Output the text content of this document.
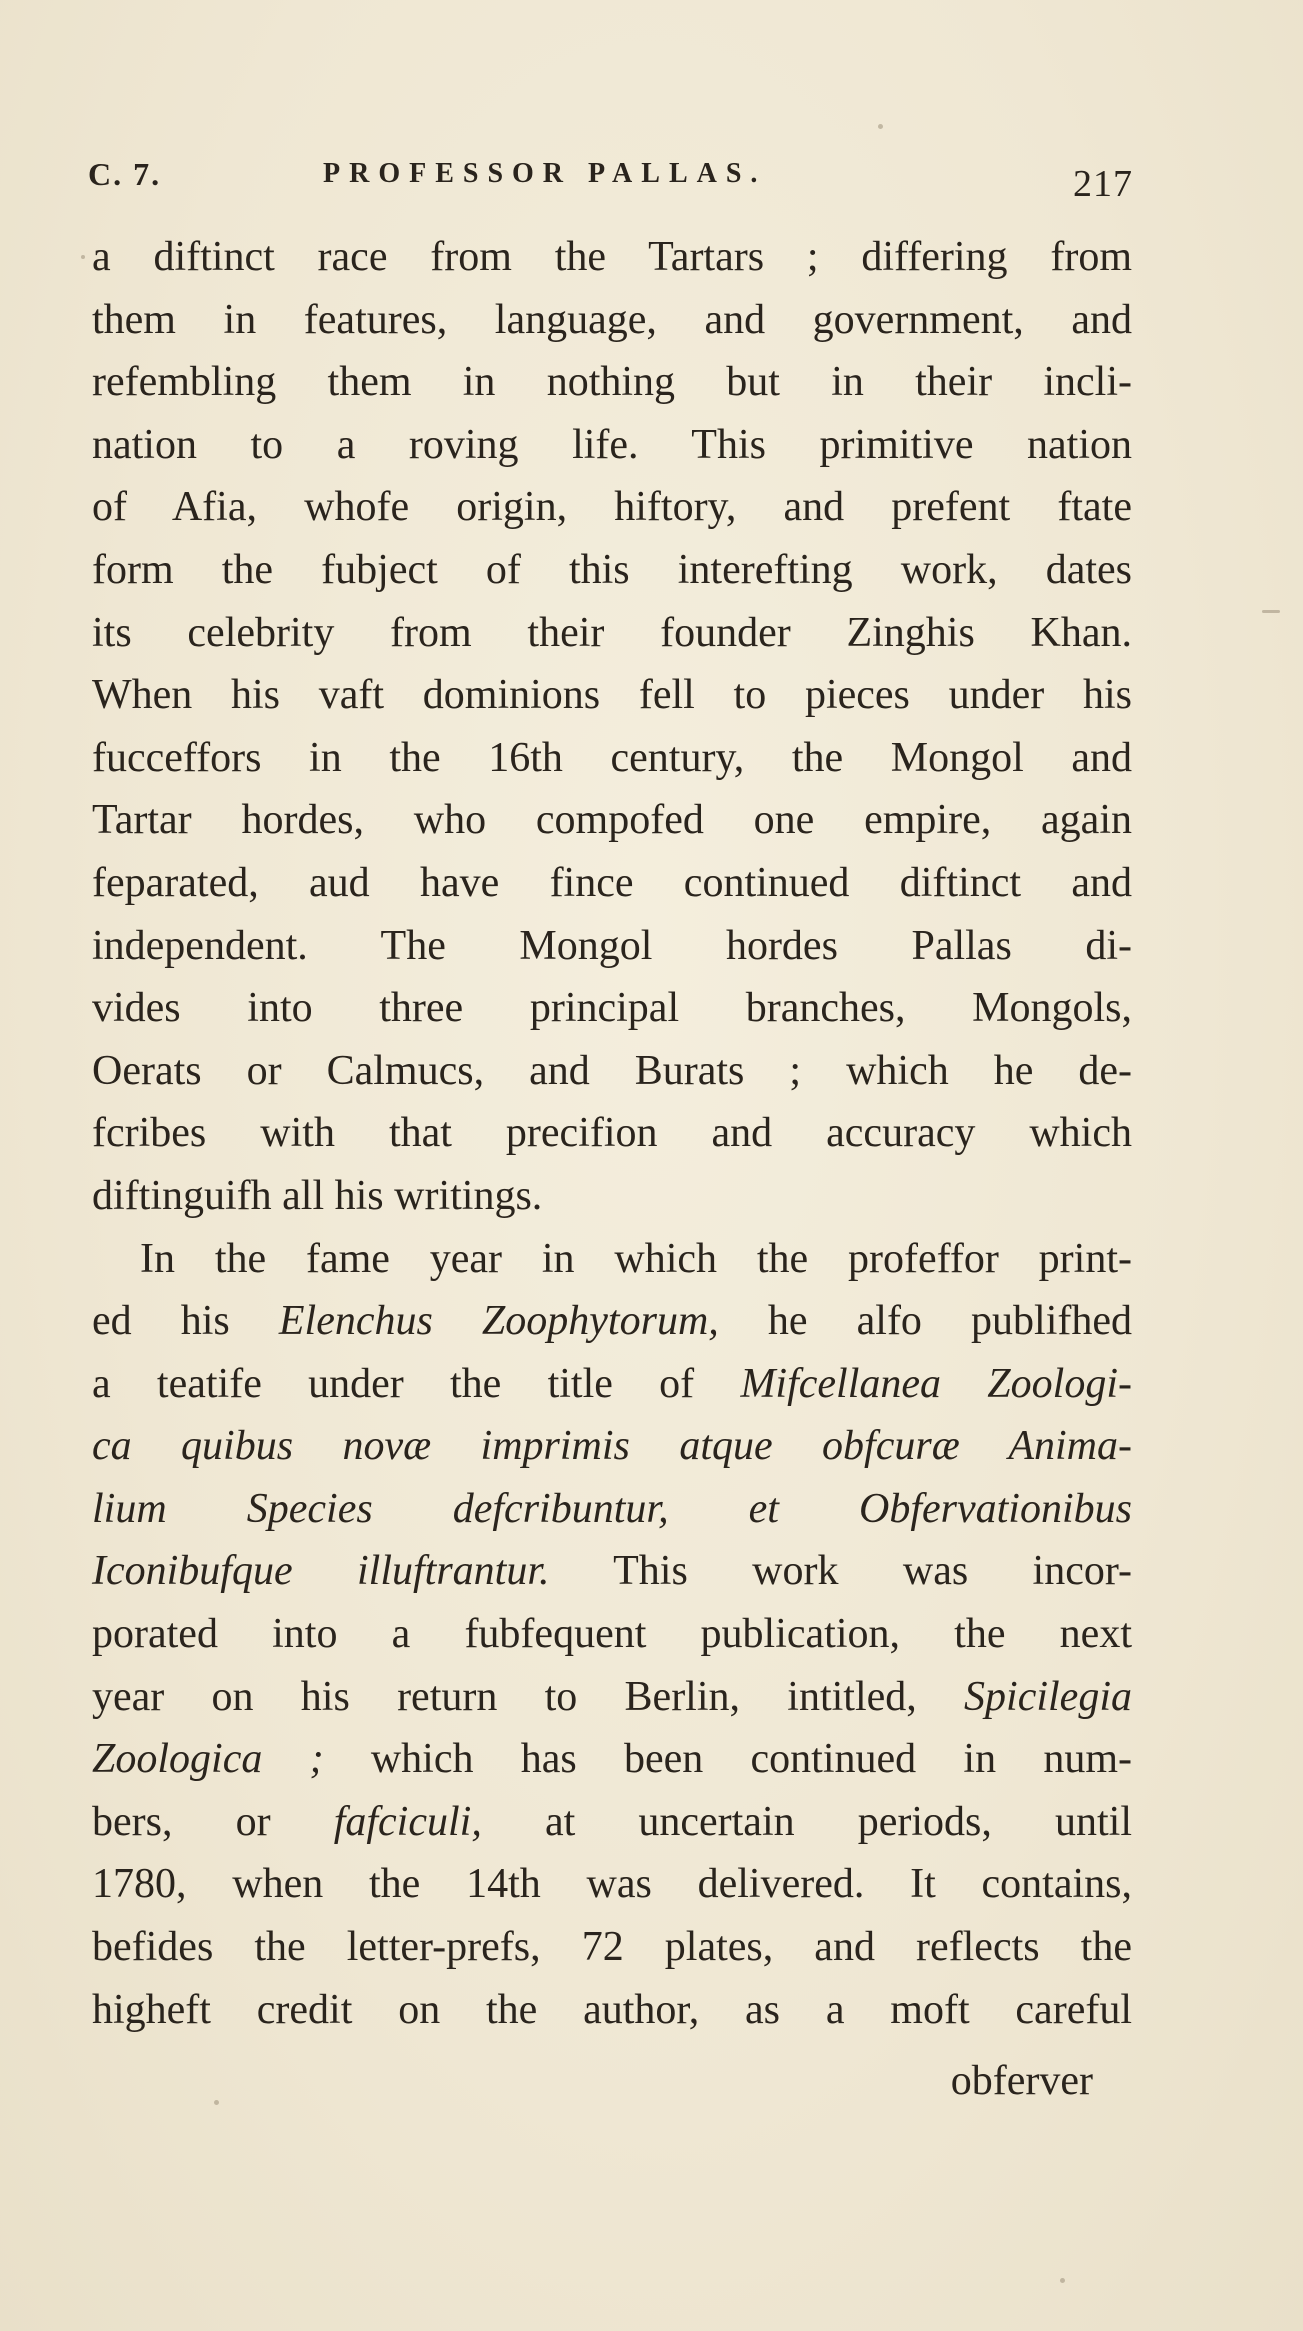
C. 7.	PROFESSOR PALLAS.	217
a diftinct race from the Tartars ; differing from
them in features, language, and government, and
refembling them in nothing but in their incli-
nation to a roving life. This primitive nation
of Afia, whofe origin, hiftory, and prefent ftate
form the fubject of this interefting work, dates
its celebrity from their founder Zinghis Khan.
When his vaft dominions fell to pieces under his
fucceffors in the 16th century, the Mongol and
Tartar hordes, who compofed one empire, again
feparated, aud have fince continued diftinct and
independent. The Mongol hordes Pallas di-
vides into three principal branches, Mongols,
Oerats or Calmucs, and Burats ; which he de-
fcribes with that precifion and accuracy which
diftinguifh all his writings.
In the fame year in which the profeffor print-
ed his Elenchus Zoophytorum, he alfo publifhed
a teatife under the title of Mifcellanea Zoologi-
ca quibus novæ imprimis atque obfcuræ Anima-
lium Species defcribuntur, et Obfervationibus
Iconibufque illuftrantur. This work was incor-
porated into a fubfequent publication, the next
year on his return to Berlin, intitled, Spicilegia
Zoologica ; which has been continued in num-
bers, or fafciculi, at uncertain periods, until
1780, when the 14th was delivered. It contains,
befides the letter-prefs, 72 plates, and reflects the
higheft credit on the author, as a moft careful
obferver
